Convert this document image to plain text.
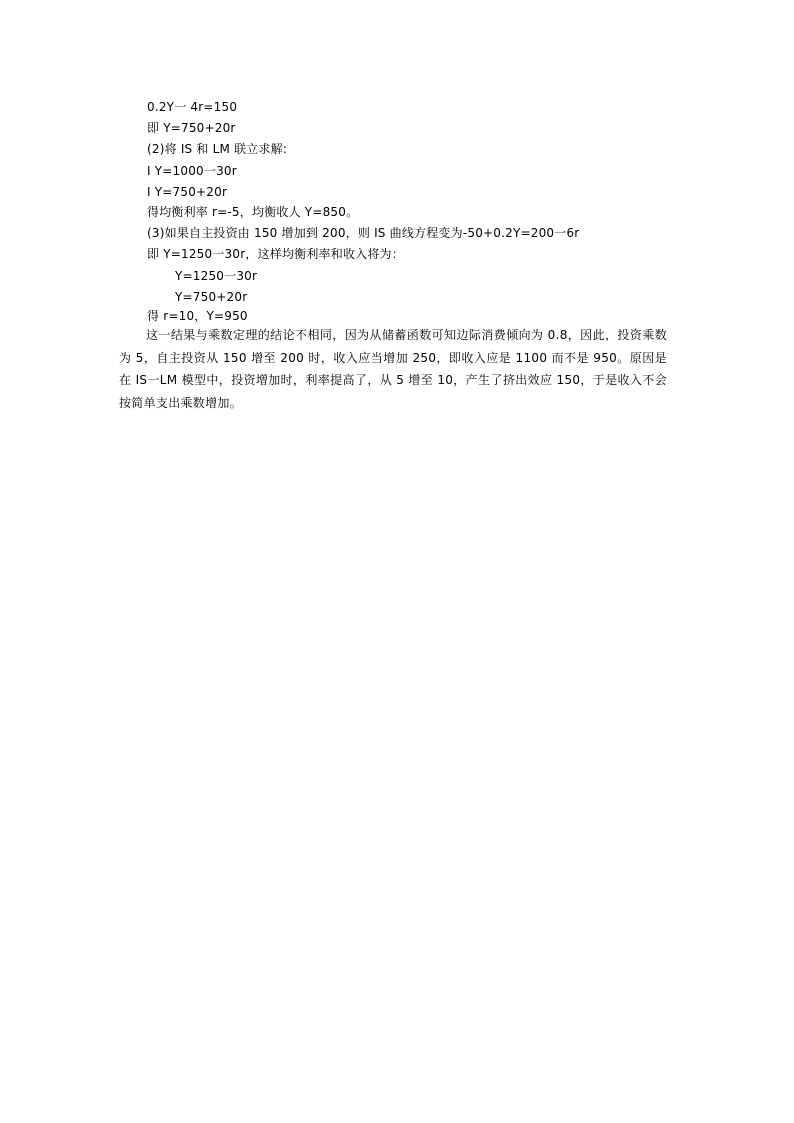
0.2Y一 4r=150
即 Y=750+20r
(2)将 IS 和 LM 联立求解:
I Y=1000一30r
I Y=750+20r
得均衡利率 r=-5，均衡收人 Y=850。
(3)如果自主投资由 150 增加到 200，则 IS 曲线方程变为-50+0.2Y=200一6r
即 Y=1250一30r，这样均衡利率和收入将为：
Y=1250一30r
Y=750+20r
得 r=10，Y=950
这一结果与乘数定理的结论不相同，因为从储蓄函数可知边际消费倾向为 0.8，因此，投资乘数为 5，自主投资从 150 增至 200 时，收入应当增加 250，即收入应是 1100 而不是 950。原因是在 IS一LM 模型中，投资增加时，利率提高了，从 5 增至 10，产生了挤出效应 150，于是收入不会按简单支出乘数增加。
